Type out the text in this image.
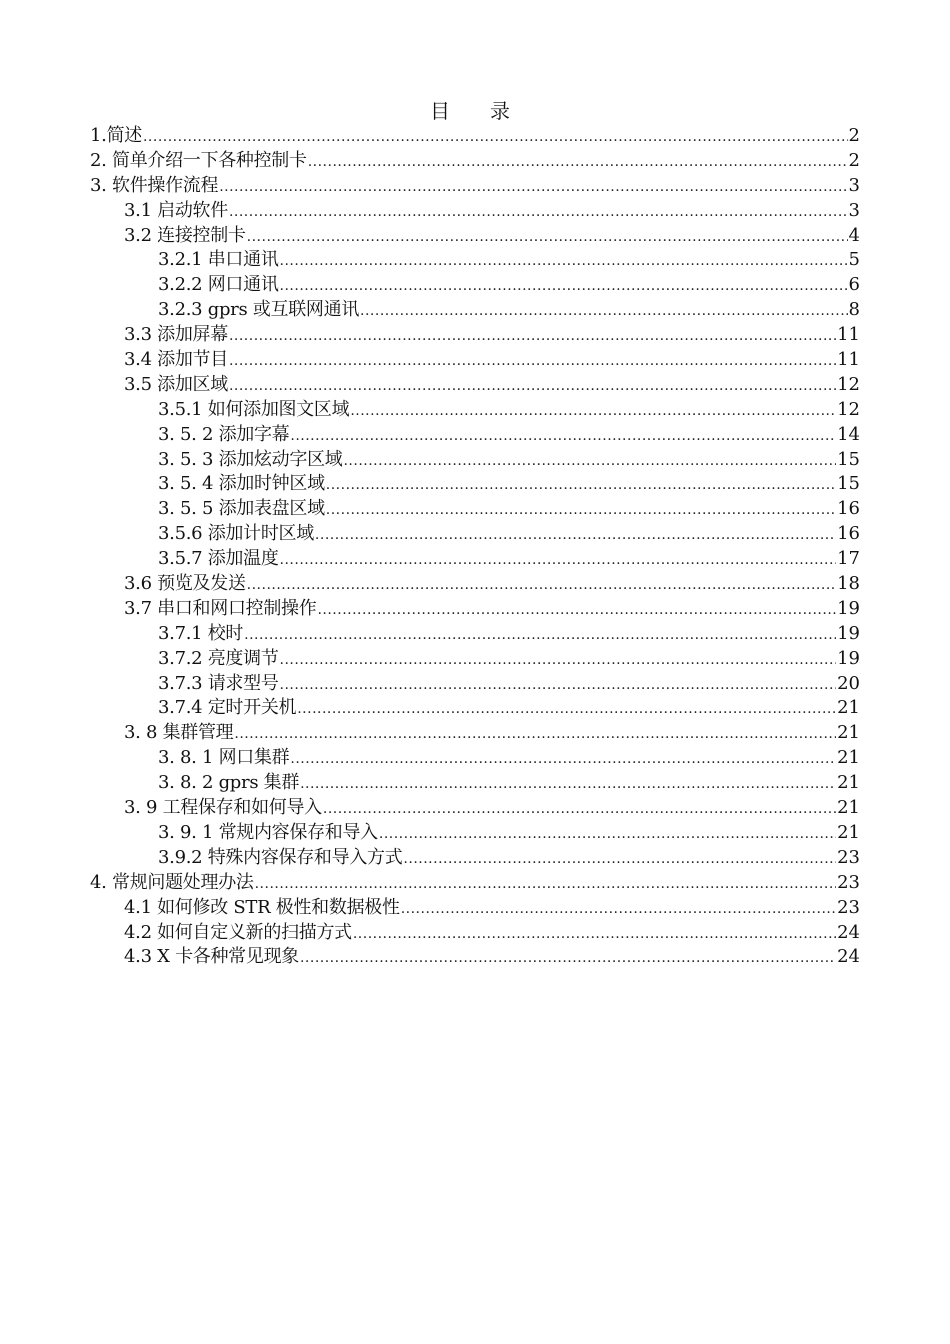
目　录
1.简述 .....	2
2. 简单介绍一下各种控制卡 .....	2
3. 软件操作流程 .....	3
3.1 启动软件 .....	3
3.2 连接控制卡 .....	4
3.2.1 串口通讯 .....	5
3.2.2 网口通讯 .....	6
3.2.3 gprs 或互联网通讯 .....	8
3.3 添加屏幕 .....	11
3.4 添加节目 .....	11
3.5 添加区域 .....	12
3.5.1 如何添加图文区域 .....	12
3. 5. 2 添加字幕 .....	14
3. 5. 3 添加炫动字区域 .....	15
3. 5. 4 添加时钟区域 .....	15
3. 5. 5 添加表盘区域 .....	16
3.5.6 添加计时区域 .....	16
3.5.7 添加温度 .....	17
3.6 预览及发送 .....	18
3.7 串口和网口控制操作 .....	19
3.7.1 校时 .....	19
3.7.2 亮度调节 .....	19
3.7.3 请求型号 .....	20
3.7.4 定时开关机 .....	21
3. 8 集群管理 .....	21
3. 8. 1 网口集群 .....	21
3. 8. 2 gprs 集群 .....	21
3. 9 工程保存和如何导入 .....	21
3. 9. 1 常规内容保存和导入 .....	21
3.9.2 特殊内容保存和导入方式 .....	23
4. 常规问题处理办法 .....	23
4.1 如何修改 STR 极性和数据极性 .....	23
4.2 如何自定义新的扫描方式 .....	24
4.3 X 卡各种常见现象 .....	24
